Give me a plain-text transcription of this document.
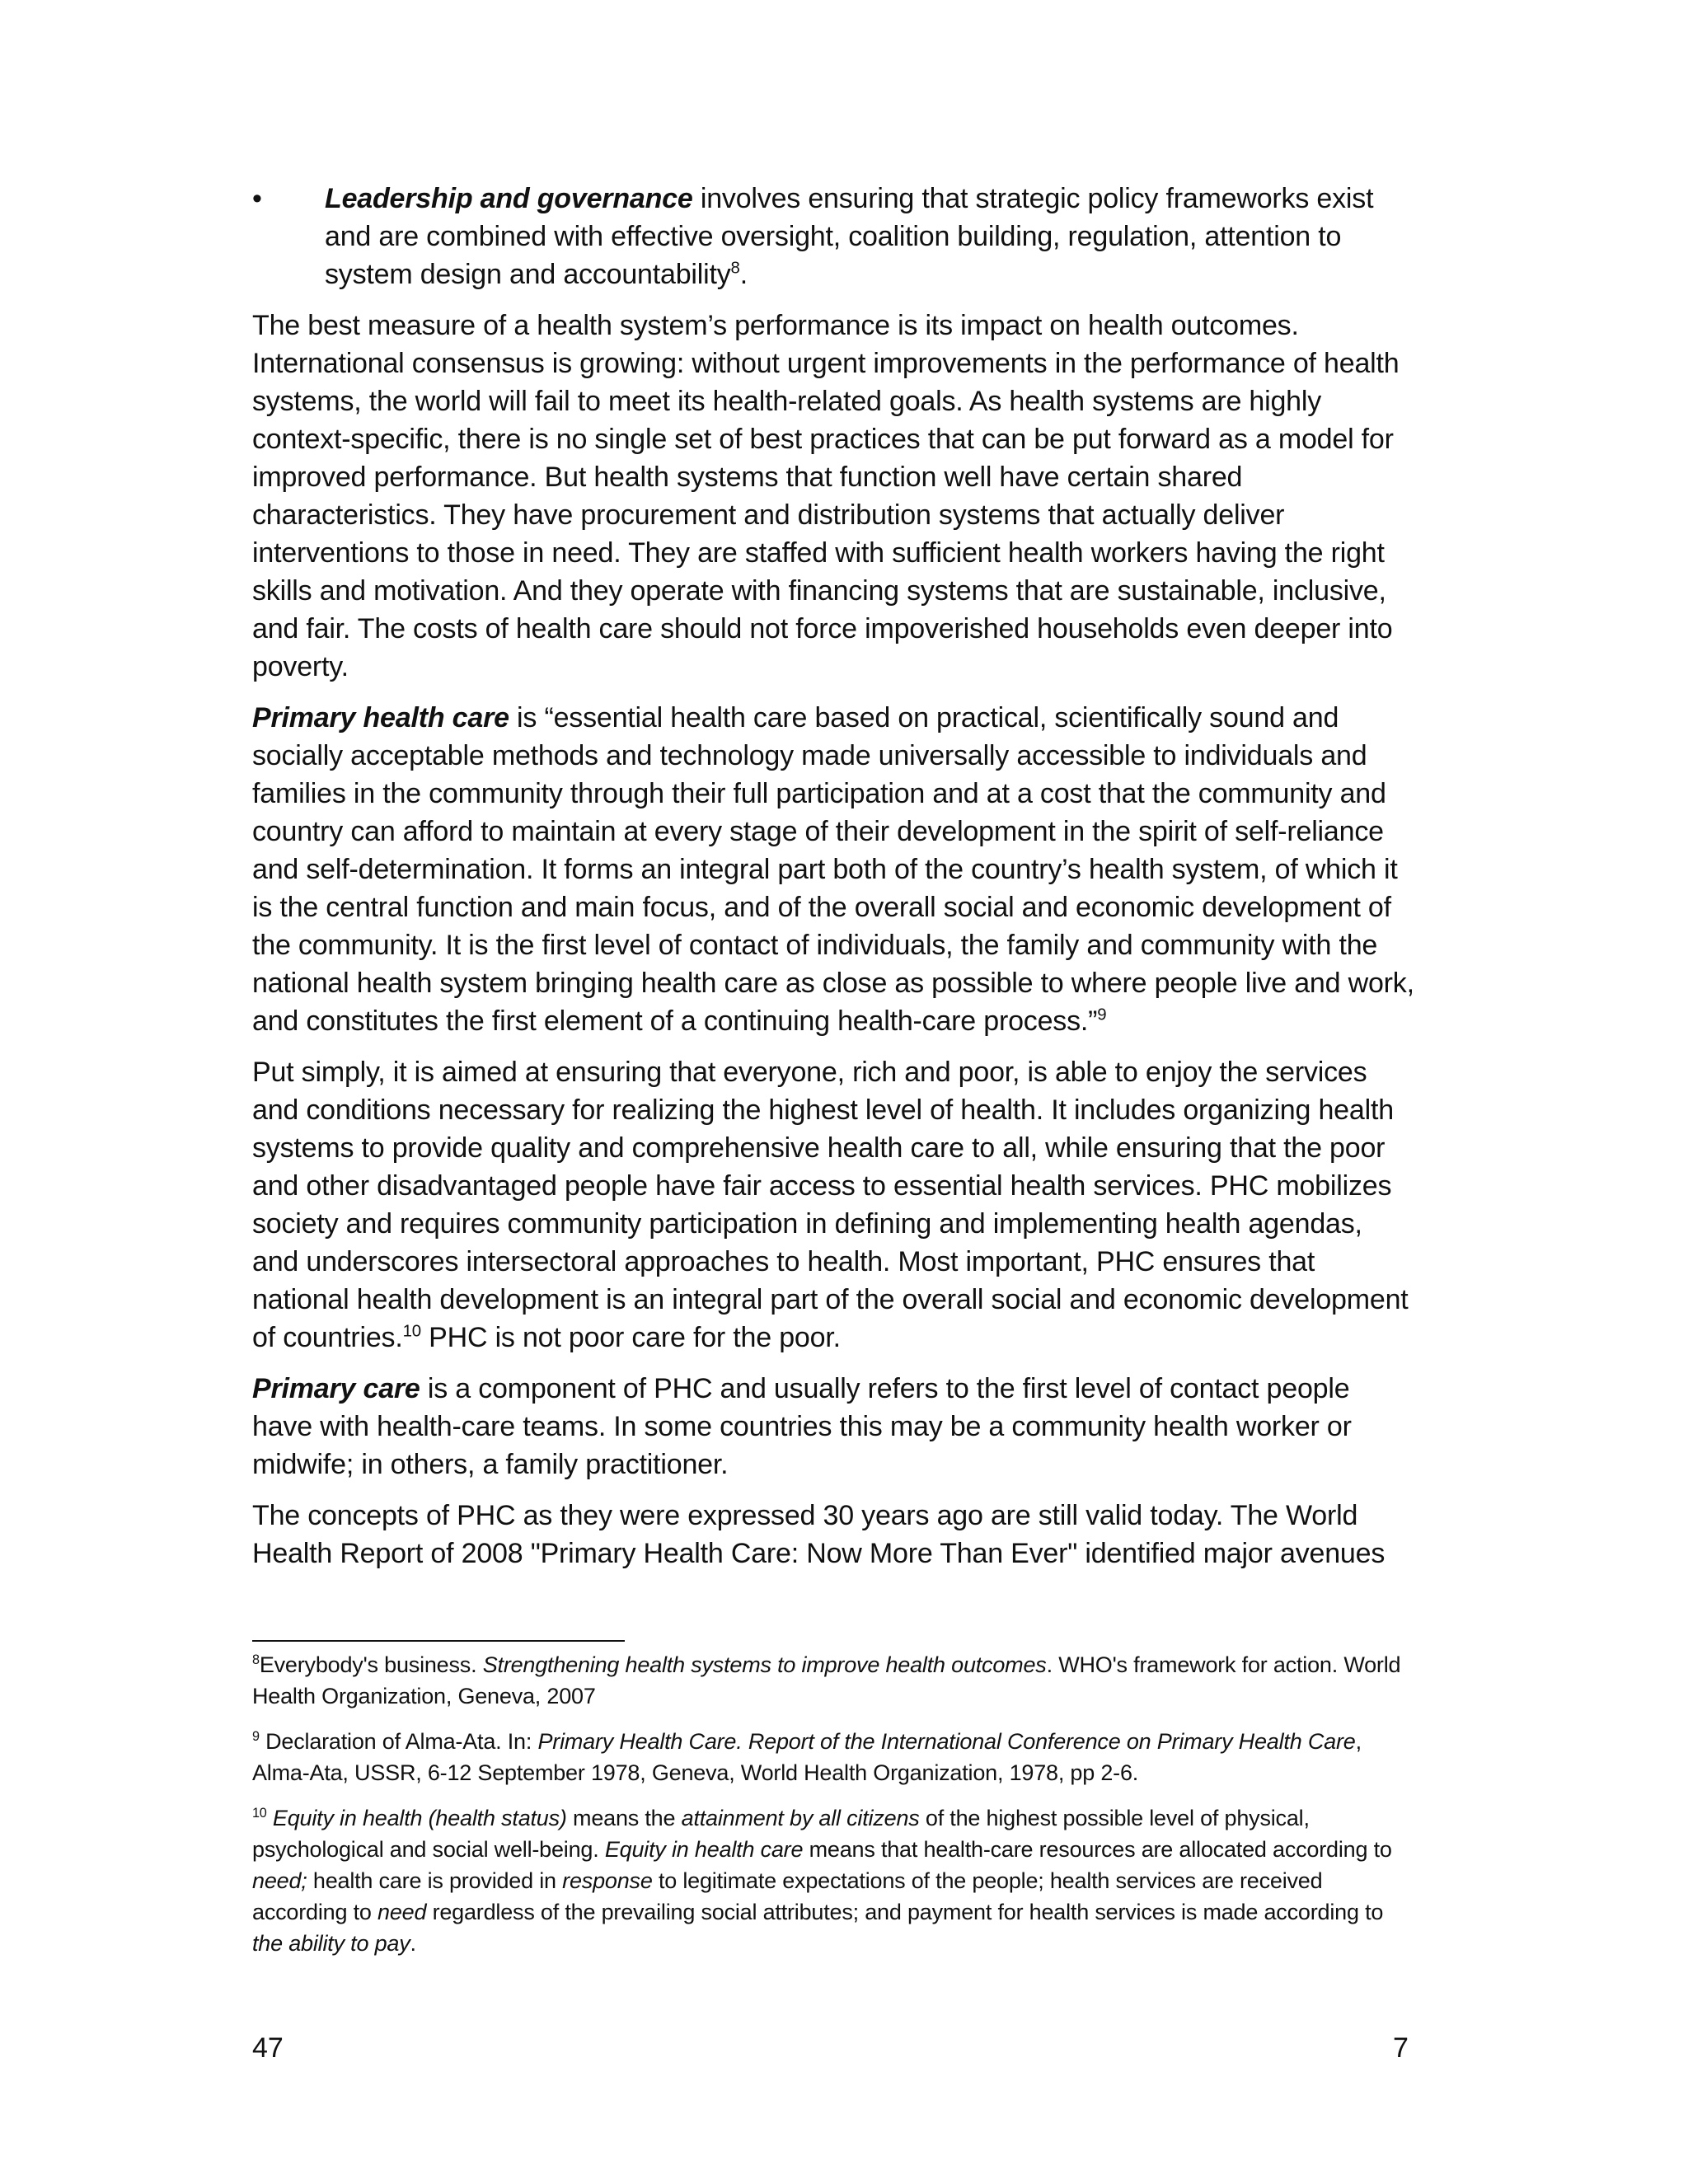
• Leadership and governance involves ensuring that strategic policy frameworks exist and are combined with effective oversight, coalition building, regulation, attention to system design and accountability$^8$.

The best measure of a health system’s performance is its impact on health outcomes. International consensus is growing: without urgent improvements in the performance of health systems, the world will fail to meet its health-related goals. As health systems are highly context-specific, there is no single set of best practices that can be put forward as a model for improved performance. But health systems that function well have certain shared characteristics. They have procurement and distribution systems that actually deliver interventions to those in need. They are staffed with sufficient health workers having the right skills and motivation. And they operate with financing systems that are sustainable, inclusive, and fair. The costs of health care should not force impoverished households even deeper into poverty.

Primary health care is “essential health care based on practical, scientifically sound and socially acceptable methods and technology made universally accessible to individuals and families in the community through their full participation and at a cost that the community and country can afford to maintain at every stage of their development in the spirit of self-reliance and self-determination. It forms an integral part both of the country’s health system, of which it is the central function and main focus, and of the overall social and economic development of the community. It is the first level of contact of individuals, the family and community with the national health system bringing health care as close as possible to where people live and work, and constitutes the first element of a continuing health-care process.”$^9$

Put simply, it is aimed at ensuring that everyone, rich and poor, is able to enjoy the services and conditions necessary for realizing the highest level of health. It includes organizing health systems to provide quality and comprehensive health care to all, while ensuring that the poor and other disadvantaged people have fair access to essential health services. PHC mobilizes society and requires community participation in defining and implementing health agendas, and underscores intersectoral approaches to health. Most important, PHC ensures that national health development is an integral part of the overall social and economic development of countries.$^{10}$ PHC is not poor care for the poor.

Primary care is a component of PHC and usually refers to the first level of contact people have with health-care teams. In some countries this may be a community health worker or midwife; in others, a family practitioner.

The concepts of PHC as they were expressed 30 years ago are still valid today. The World Health Report of 2008 "Primary Health Care: Now More Than Ever" identified major avenues

$^8$Everybody's business. Strengthening health systems to improve health outcomes. WHO's framework for action. World Health Organization, Geneva, 2007

$^9$ Declaration of Alma-Ata. In: Primary Health Care. Report of the International Conference on Primary Health Care, Alma-Ata, USSR, 6-12 September 1978, Geneva, World Health Organization, 1978, pp 2-6.

$^{10}$ Equity in health (health status) means the attainment by all citizens of the highest possible level of physical, psychological and social well-being. Equity in health care means that health-care resources are allocated according to need; health care is provided in response to legitimate expectations of the people; health services are received according to need regardless of the prevailing social attributes; and payment for health services is made according to the ability to pay.

47	7
